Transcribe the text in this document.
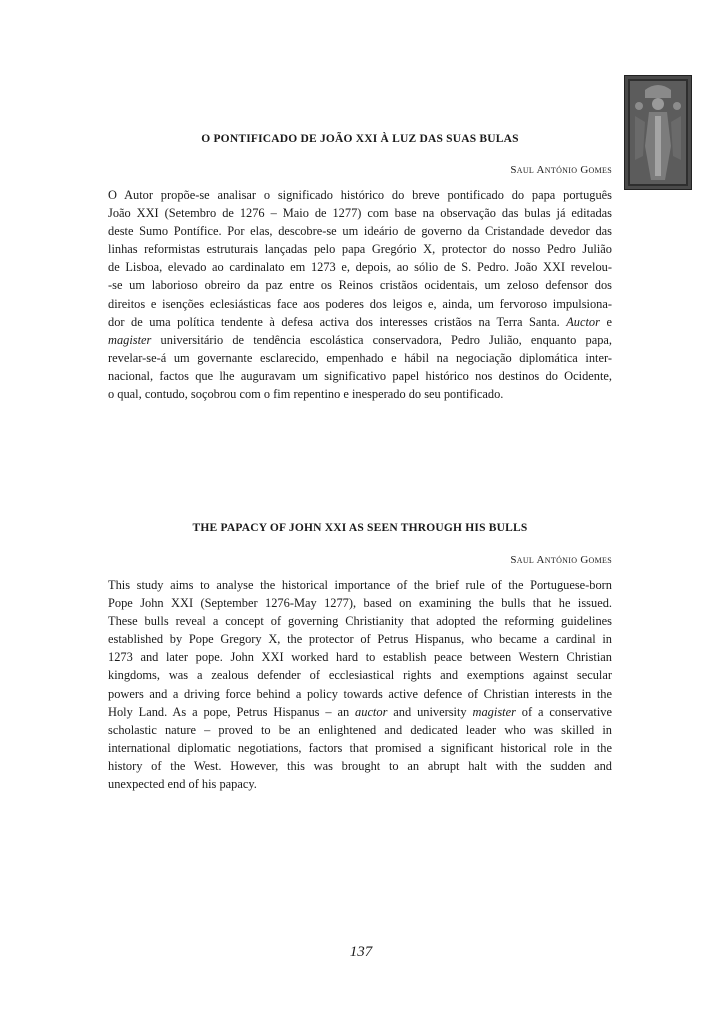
O PONTIFICADO DE JOÃO XXI À LUZ DAS SUAS BULAS

Saul António Gomes

O Autor propõe-se analisar o significado histórico do breve pontificado do papa português
João XXI (Setembro de 1276 – Maio de 1277) com base na observação das bulas já editadas
deste Sumo Pontífice. Por elas, descobre-se um ideário de governo da Cristandade devedor das
linhas reformistas estruturais lançadas pelo papa Gregório X, protector do nosso Pedro Julião
de Lisboa, elevado ao cardinalato em 1273 e, depois, ao sólio de S. Pedro. João XXI revelou-
-se um laborioso obreiro da paz entre os Reinos cristãos ocidentais, um zeloso defensor dos
direitos e isenções eclesiásticas face aos poderes dos leigos e, ainda, um fervoroso impulsiona-
dor de uma política tendente à defesa activa dos interesses cristãos na Terra Santa. Auctor e
magister universitário de tendência escolástica conservadora, Pedro Julião, enquanto papa,
revelar-se-á um governante esclarecido, empenhado e hábil na negociação diplomática inter-
nacional, factos que lhe auguravam um significativo papel histórico nos destinos do Ocidente,
o qual, contudo, soçobrou com o fim repentino e inesperado do seu pontificado.

THE PAPACY OF JOHN XXI AS SEEN THROUGH HIS BULLS

Saul António Gomes

This study aims to analyse the historical importance of the brief rule of the Portuguese-born
Pope John XXI (September 1276-May 1277), based on examining the bulls that he issued.
These bulls reveal a concept of governing Christianity that adopted the reforming guidelines
established by Pope Gregory X, the protector of Petrus Hispanus, who became a cardinal in
1273 and later pope. John XXI worked hard to establish peace between Western Christian
kingdoms, was a zealous defender of ecclesiastical rights and exemptions against secular
powers and a driving force behind a policy towards active defence of Christian interests in the
Holy Land. As a pope, Petrus Hispanus – an auctor and university magister of a conservative
scholastic nature – proved to be an enlightened and dedicated leader who was skilled in
international diplomatic negotiations, factors that promised a significant historical role in the
history of the West. However, this was brought to an abrupt halt with the sudden and
unexpected end of his papacy.
137
